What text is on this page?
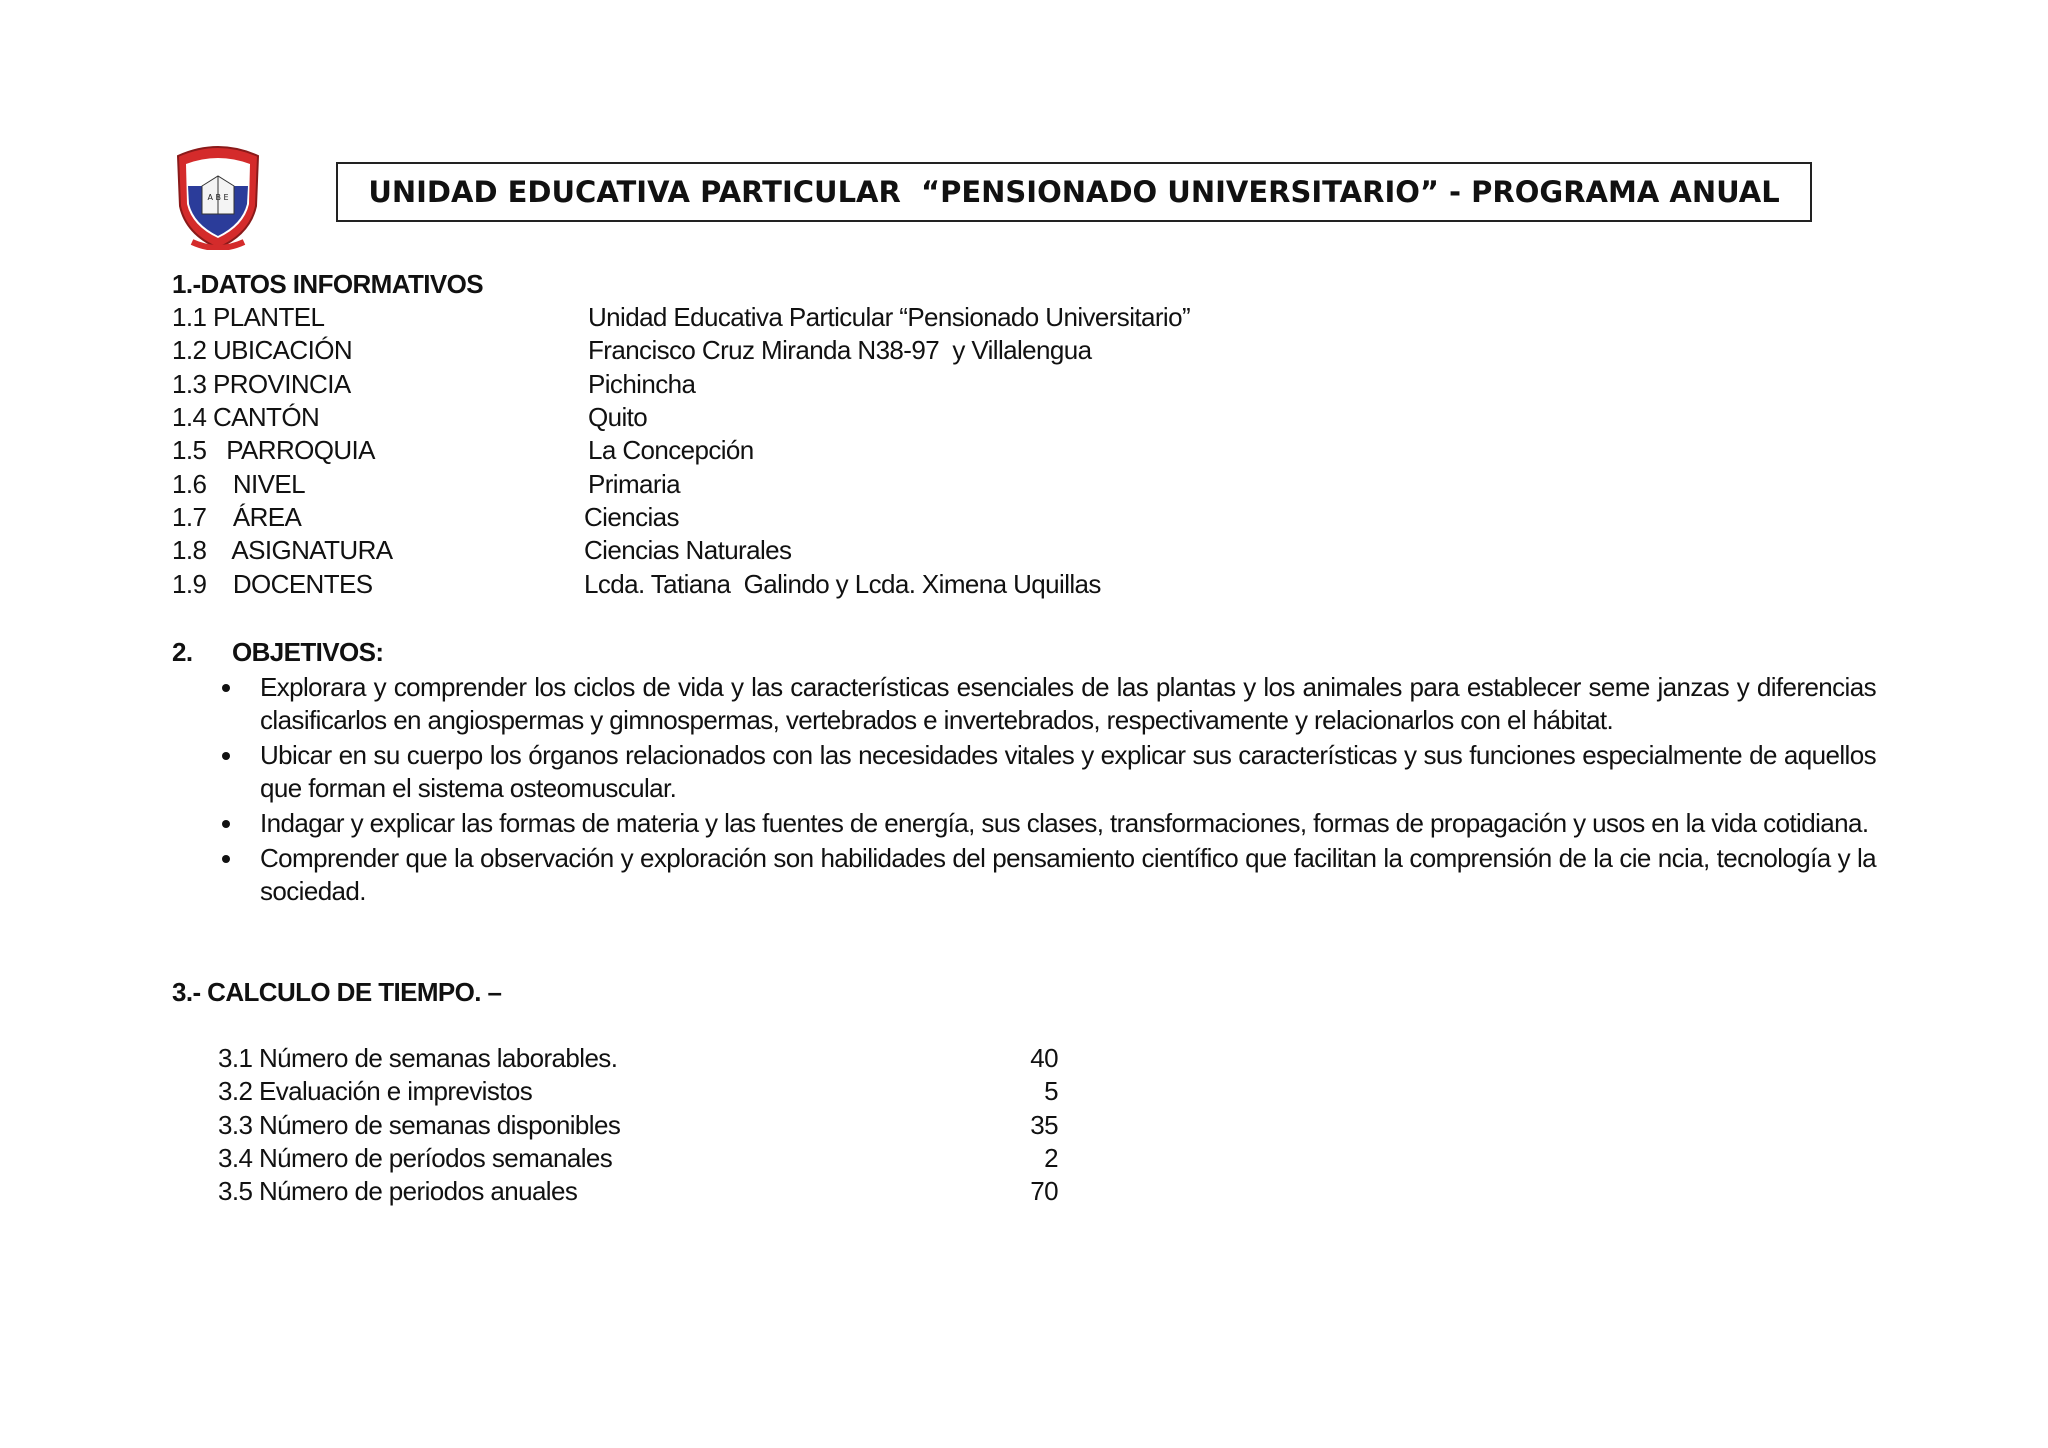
A B E	UNIDAD EDUCATIVA PARTICULAR  “PENSIONADO UNIVERSITARIO” - PROGRAMA ANUAL
1.-DATOS INFORMATIVOS
1.1 PLANTEL	Unidad Educativa Particular “Pensionado Universitario”
1.2 UBICACIÓN	Francisco Cruz Miranda N38-97  y Villalengua
1.3 PROVINCIA	Pichincha
1.4 CANTÓN	Quito
1.5   PARROQUIA	La Concepción
1.6    NIVEL	Primaria
1.7    ÁREA	Ciencias
1.8    ASIGNATURA	Ciencias Naturales
1.9    DOCENTES	Lcda. Tatiana  Galindo y Lcda. Ximena Uquillas
2.	OBJETIVOS:
Explorara y comprender los ciclos de vida y las características esenciales de las plantas y los animales para establecer seme janzas y diferencias clasificarlos en angiospermas y gimnospermas, vertebrados e invertebrados, respectivamente y relacionarlos con el hábitat.
Ubicar en su cuerpo los órganos relacionados con las necesidades vitales y explicar sus características y sus funciones especialmente de aquellos que forman el sistema osteomuscular.
Indagar y explicar las formas de materia y las fuentes de energía, sus clases, transformaciones, formas de propagación y usos en la vida cotidiana.
Comprender que la observación y exploración son habilidades del pensamiento científico que facilitan la comprensión de la cie ncia, tecnología y la sociedad.
3.- CALCULO DE TIEMPO. –
3.1 Número de semanas laborables.	40
3.2 Evaluación e imprevistos	5
3.3 Número de semanas disponibles	35
3.4 Número de períodos semanales	2
3.5 Número de periodos anuales	70
